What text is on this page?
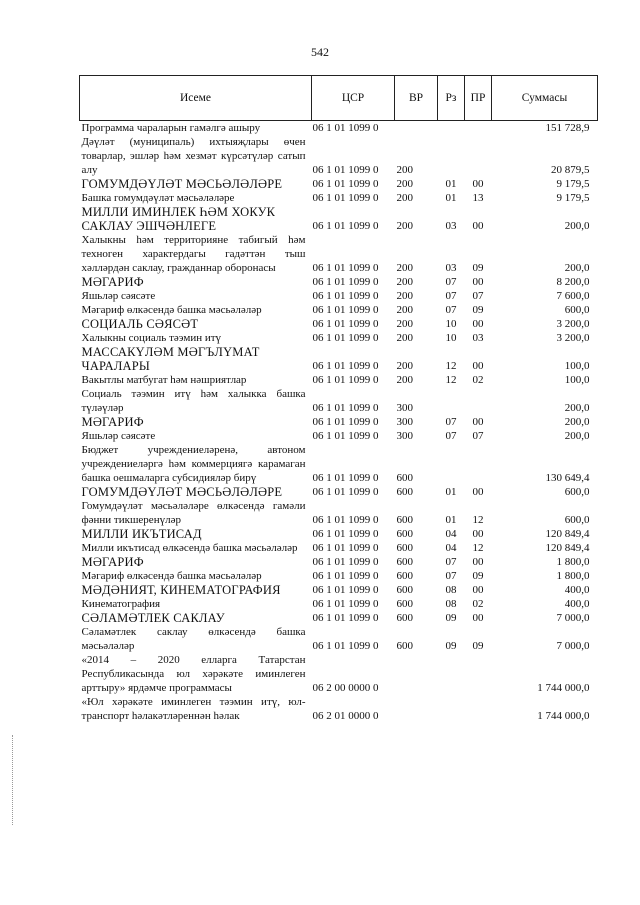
542
Исеме	ЦСР	ВР	Рз	ПР	Суммасы
Программа чараларын гамәлгә ашыру	06 1 01 1099 0				151 728,9
Дәүләт (муниципаль) ихтыяҗлары өчен товарлар, эшләр һәм хезмәт күрсәтүләр сатып алу	06 1 01 1099 0	200			20 879,5
ГОМУМДӘҮЛӘТ МӘСЬӘЛӘЛӘРЕ	06 1 01 1099 0	200	01	00	9 179,5
Башка гомумдәүләт мәсьәләләре	06 1 01 1099 0	200	01	13	9 179,5
МИЛЛИ ИМИНЛЕК ҺӘМ ХОКУК САКЛАУ ЭШЧӘНЛЕГЕ	06 1 01 1099 0	200	03	00	200,0
Халыкны һәм территорияне табигый һәм техноген характердагы гадәттән тыш хәлләрдән саклау, гражданнар оборонасы	06 1 01 1099 0	200	03	09	200,0
МӘГАРИФ	06 1 01 1099 0	200	07	00	8 200,0
Яшьләр сәясәте	06 1 01 1099 0	200	07	07	7 600,0
Мәгариф өлкәсендә башка мәсьәләләр	06 1 01 1099 0	200	07	09	600,0
СОЦИАЛЬ СӘЯСӘТ	06 1 01 1099 0	200	10	00	3 200,0
Халыкны социаль тәэмин итү	06 1 01 1099 0	200	10	03	3 200,0
МАССАКҮЛӘМ МӘГЪЛҮМАТ ЧАРАЛАРЫ	06 1 01 1099 0	200	12	00	100,0
Вакытлы матбугат һәм нәшриятлар	06 1 01 1099 0	200	12	02	100,0
Социаль тәэмин итү һәм халыкка башка түләүләр	06 1 01 1099 0	300			200,0
МӘГАРИФ	06 1 01 1099 0	300	07	00	200,0
Яшьләр сәясәте	06 1 01 1099 0	300	07	07	200,0
Бюджет учреждениеләренә, автоном учреждениеләргә һәм коммерциягә карамаган башка оешмаларга субсидияләр бирү	06 1 01 1099 0	600			130 649,4
ГОМУМДӘҮЛӘТ МӘСЬӘЛӘЛӘРЕ	06 1 01 1099 0	600	01	00	600,0
Гомумдәүләт мәсьәләләре өлкәсендә гамәли фәнни тикшеренүләр	06 1 01 1099 0	600	01	12	600,0
МИЛЛИ ИКЪТИСАД	06 1 01 1099 0	600	04	00	120 849,4
Милли икътисад өлкәсендә башка мәсьәләләр	06 1 01 1099 0	600	04	12	120 849,4
МӘГАРИФ	06 1 01 1099 0	600	07	00	1 800,0
Мәгариф өлкәсендә башка мәсьәләләр	06 1 01 1099 0	600	07	09	1 800,0
МӘДӘНИЯТ, КИНЕМАТОГРАФИЯ	06 1 01 1099 0	600	08	00	400,0
Кинематография	06 1 01 1099 0	600	08	02	400,0
СӘЛАМӘТЛЕК САКЛАУ	06 1 01 1099 0	600	09	00	7 000,0
Сәламәтлек саклау өлкәсендә башка мәсьәләләр	06 1 01 1099 0	600	09	09	7 000,0
«2014 – 2020 елларга Татарстан Республикасында юл хәрәкәте иминлеген арттыру» ярдәмче программасы	06 2 00 0000 0				1 744 000,0
«Юл хәрәкәте иминлеген тәэмин итү, юл-транспорт һәлакәтләреннән һәлак	06 2 01 0000 0				1 744 000,0
